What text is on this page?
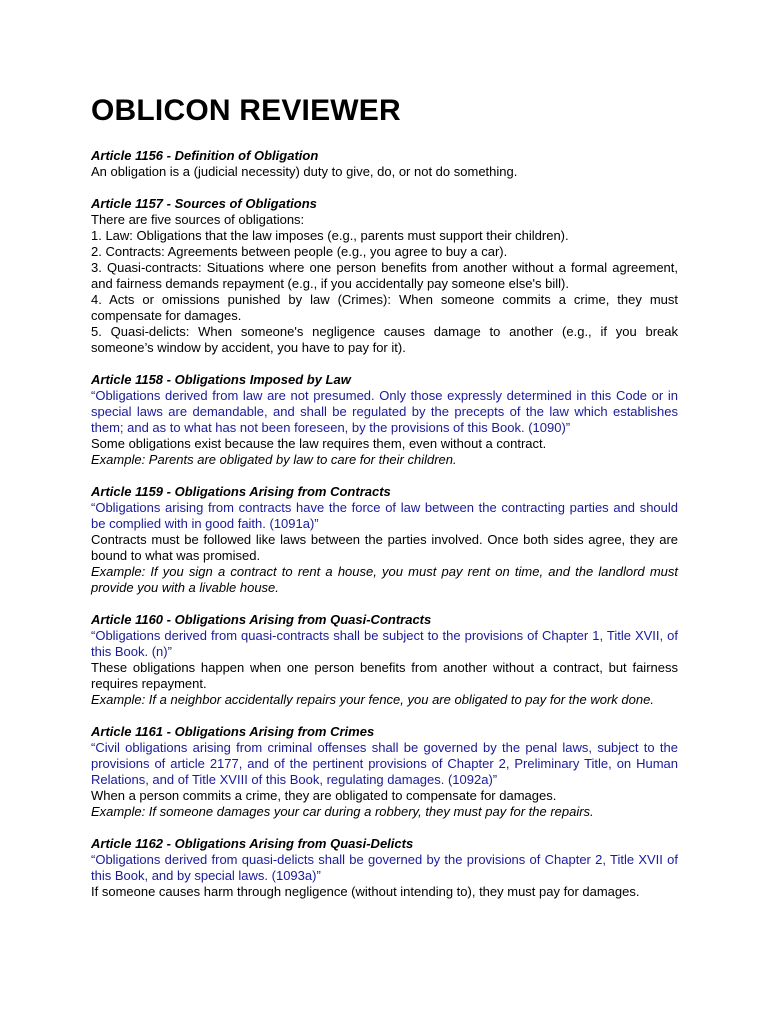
OBLICON REVIEWER
Article 1156 - Definition of Obligation
An obligation is a (judicial necessity) duty to give, do, or not do something.
Article 1157 - Sources of Obligations
There are five sources of obligations:
1. Law: Obligations that the law imposes (e.g., parents must support their children).
2. Contracts: Agreements between people (e.g., you agree to buy a car).
3. Quasi-contracts: Situations where one person benefits from another without a formal agreement, and fairness demands repayment (e.g., if you accidentally pay someone else's bill).
4. Acts or omissions punished by law (Crimes): When someone commits a crime, they must compensate for damages.
5. Quasi-delicts: When someone's negligence causes damage to another (e.g., if you break someone’s window by accident, you have to pay for it).
Article 1158 - Obligations Imposed by Law
“Obligations derived from law are not presumed. Only those expressly determined in this Code or in special laws are demandable, and shall be regulated by the precepts of the law which establishes them; and as to what has not been foreseen, by the provisions of this Book. (1090)”
Some obligations exist because the law requires them, even without a contract.
Example: Parents are obligated by law to care for their children.
Article 1159 - Obligations Arising from Contracts
“Obligations arising from contracts have the force of law between the contracting parties and should be complied with in good faith. (1091a)”
Contracts must be followed like laws between the parties involved. Once both sides agree, they are bound to what was promised.
Example: If you sign a contract to rent a house, you must pay rent on time, and the landlord must provide you with a livable house.
Article 1160 - Obligations Arising from Quasi-Contracts
“Obligations derived from quasi-contracts shall be subject to the provisions of Chapter 1, Title XVII, of this Book. (n)”
These obligations happen when one person benefits from another without a contract, but fairness requires repayment.
Example: If a neighbor accidentally repairs your fence, you are obligated to pay for the work done.
Article 1161 - Obligations Arising from Crimes
“Civil obligations arising from criminal offenses shall be governed by the penal laws, subject to the provisions of article 2177, and of the pertinent provisions of Chapter 2, Preliminary Title, on Human Relations, and of Title XVIII of this Book, regulating damages. (1092a)”
When a person commits a crime, they are obligated to compensate for damages.
Example: If someone damages your car during a robbery, they must pay for the repairs.
Article 1162 - Obligations Arising from Quasi-Delicts
“Obligations derived from quasi-delicts shall be governed by the provisions of Chapter 2, Title XVII of this Book, and by special laws. (1093a)”
If someone causes harm through negligence (without intending to), they must pay for damages.
